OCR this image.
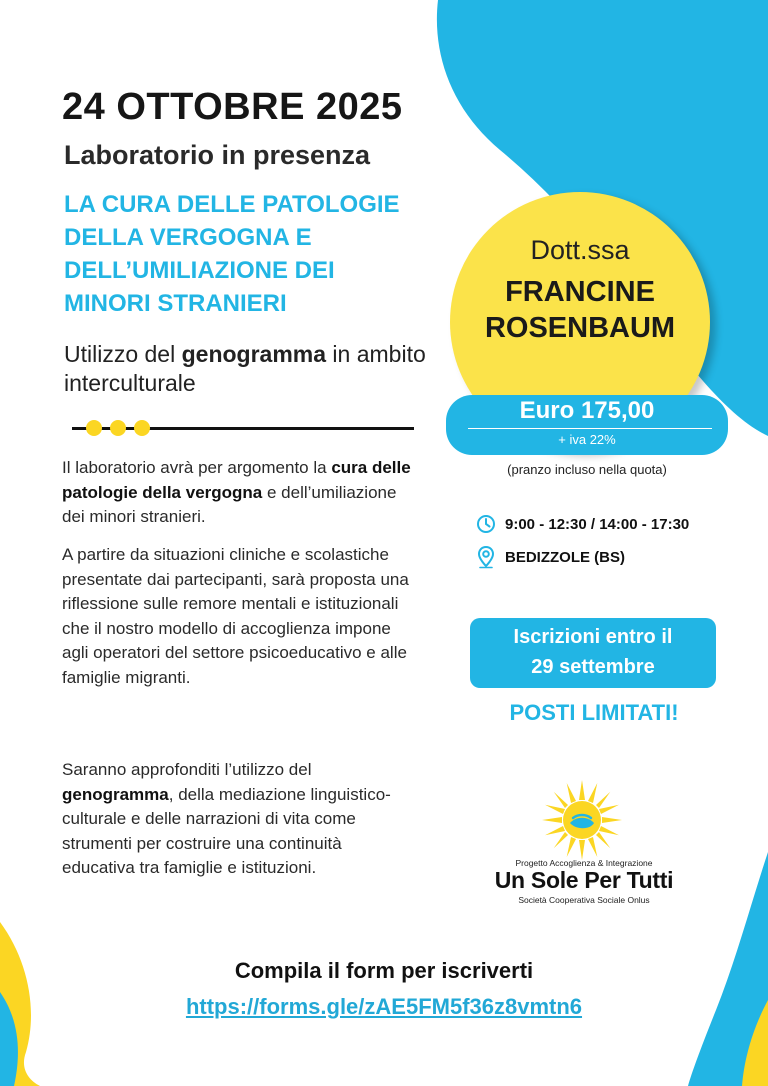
24 OTTOBRE 2025
Laboratorio in presenza
LA CURA DELLE PATOLOGIE
DELLA VERGOGNA E
DELL’UMILIAZIONE DEI
MINORI STRANIERI
Utilizzo del genogramma in ambito interculturale
Il laboratorio avrà per argomento la cura delle patologie della vergogna e dell’umiliazione dei minori stranieri.
A partire da situazioni cliniche e scolastiche presentate dai partecipanti, sarà proposta una riflessione sulle remore mentali e istituzionali che il nostro modello di accoglienza impone agli operatori del settore psicoeducativo e alle famiglie migranti.
Saranno approfonditi l’utilizzo del genogramma, della mediazione linguistico-culturale e delle narrazioni di vita come strumenti per costruire una continuità educativa tra famiglie e istituzioni.
Dott.ssa
FRANCINE
ROSENBAUM
Euro 175,00
+ iva 22%
(pranzo incluso nella quota)
9:00 - 12:30 / 14:00 - 17:30
BEDIZZOLE (BS)
Iscrizioni entro il
29 settembre
POSTI LIMITATI!
Progetto Accoglienza & Integrazione
Un Sole Per Tutti
Società Cooperativa Sociale Onlus
Compila il form per iscriverti
https://forms.gle/zAE5FM5f36z8vmtn6
